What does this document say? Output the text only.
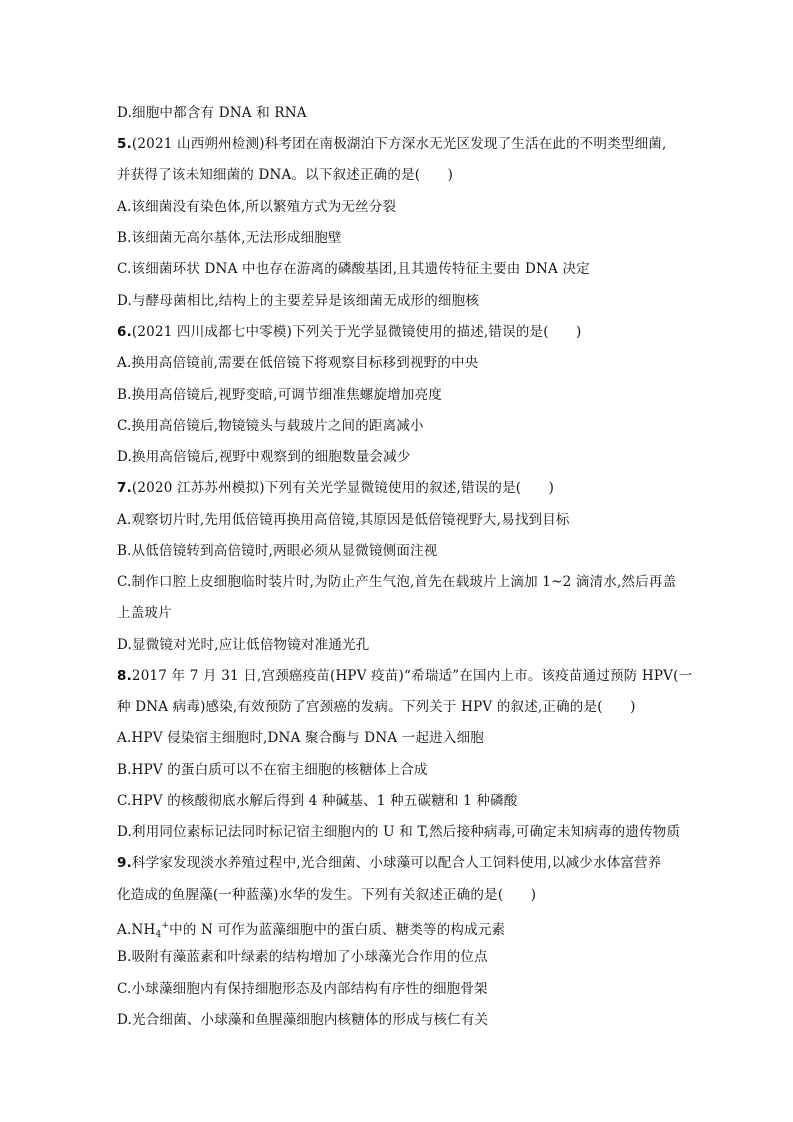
D.细胞中都含有 DNA 和 RNA
5.(2021 山西朔州检测)科考团在南极湖泊下方深水无光区发现了生活在此的不明类型细菌,
并获得了该未知细菌的 DNA。以下叙述正确的是(　　)
A.该细菌没有染色体,所以繁殖方式为无丝分裂
B.该细菌无高尔基体,无法形成细胞壁
C.该细菌环状 DNA 中也存在游离的磷酸基团,且其遗传特征主要由 DNA 决定
D.与酵母菌相比,结构上的主要差异是该细菌无成形的细胞核
6.(2021 四川成都七中零模)下列关于光学显微镜使用的描述,错误的是(　　)
A.换用高倍镜前,需要在低倍镜下将观察目标移到视野的中央
B.换用高倍镜后,视野变暗,可调节细准焦螺旋增加亮度
C.换用高倍镜后,物镜镜头与载玻片之间的距离减小
D.换用高倍镜后,视野中观察到的细胞数量会减少
7.(2020 江苏苏州模拟)下列有关光学显微镜使用的叙述,错误的是(　　)
A.观察切片时,先用低倍镜再换用高倍镜,其原因是低倍镜视野大,易找到目标
B.从低倍镜转到高倍镜时,两眼必须从显微镜侧面注视
C.制作口腔上皮细胞临时装片时,为防止产生气泡,首先在载玻片上滴加 1~2 滴清水,然后再盖
上盖玻片
D.显微镜对光时,应让低倍物镜对准通光孔
8.2017 年 7 月 31 日,宫颈癌疫苗(HPV 疫苗)“希瑞适”在国内上市。该疫苗通过预防 HPV(一
种 DNA 病毒)感染,有效预防了宫颈癌的发病。下列关于 HPV 的叙述,正确的是(　　)
A.HPV 侵染宿主细胞时,DNA 聚合酶与 DNA 一起进入细胞
B.HPV 的蛋白质可以不在宿主细胞的核糖体上合成
C.HPV 的核酸彻底水解后得到 4 种碱基、1 种五碳糖和 1 种磷酸
D.利用同位素标记法同时标记宿主细胞内的 U 和 T,然后接种病毒,可确定未知病毒的遗传物质
9.科学家发现淡水养殖过程中,光合细菌、小球藻可以配合人工饲料使用,以减少水体富营养
化造成的鱼腥藻(一种蓝藻)水华的发生。下列有关叙述正确的是(　　)
$A.NH_4^+$中的 N 可作为蓝藻细胞中的蛋白质、糖类等的构成元素
B.吸附有藻蓝素和叶绿素的结构增加了小球藻光合作用的位点
C.小球藻细胞内有保持细胞形态及内部结构有序性的细胞骨架
D.光合细菌、小球藻和鱼腥藻细胞内核糖体的形成与核仁有关
